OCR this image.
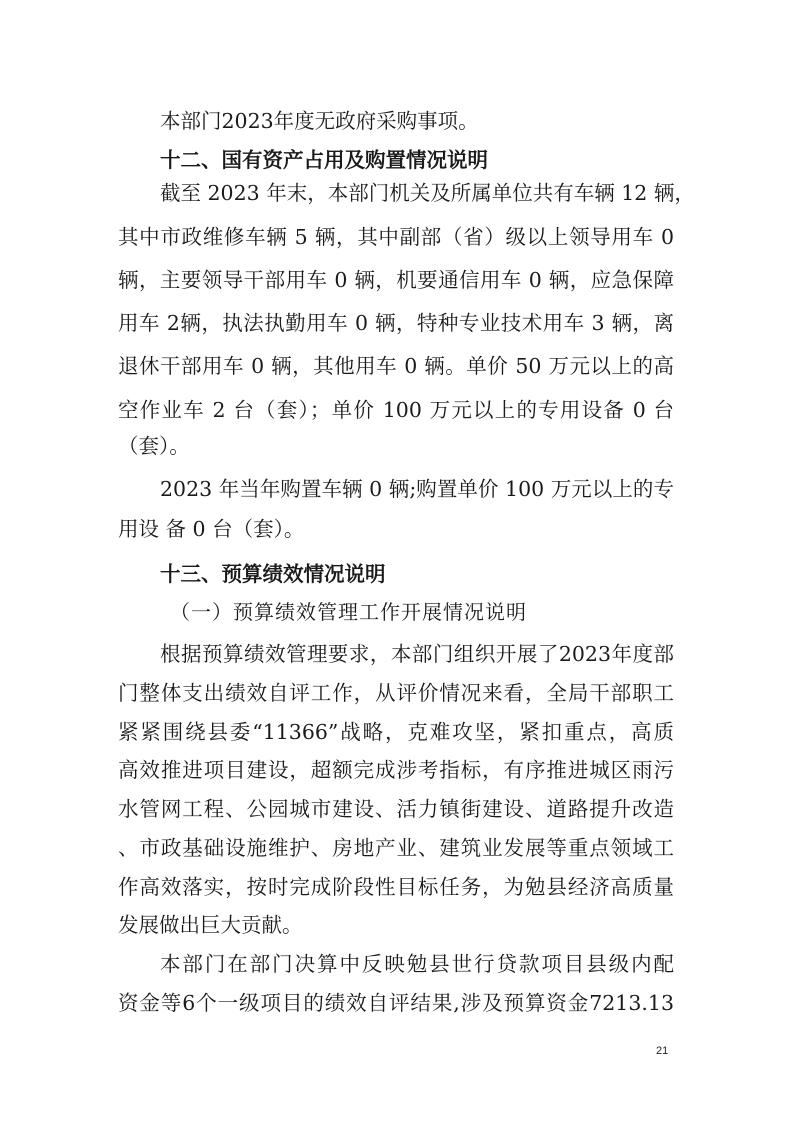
本部门2023年度无政府采购事项。

十二、国有资产占用及购置情况说明

截至 2023 年末，本部门机关及所属单位共有车辆 12 辆，

其中市政维修车辆 5 辆，其中副部（省）级以上领导用车 0

辆，主要领导干部用车 0 辆，机要通信用车 0 辆，应急保障

用车 2辆，执法执勤用车 0 辆，特种专业技术用车 3 辆，离

退休干部用车 0 辆，其他用车 0 辆。单价 50 万元以上的高

空作业车 2 台（套）；单价 100 万元以上的专用设备 0 台

（套）。

2023 年当年购置车辆 0 辆;购置单价 100 万元以上的专

用设 备 0 台（套）。

十三、预算绩效情况说明

（一）预算绩效管理工作开展情况说明

根据预算绩效管理要求，本部门组织开展了2023年度部

门整体支出绩效自评工作，从评价情况来看，全局干部职工

紧紧围绕县委“11366”战略，克难攻坚，紧扣重点，高质

高效推进项目建设，超额完成涉考指标，有序推进城区雨污

水管网工程、公园城市建设、活力镇街建设、道路提升改造

、市政基础设施维护、房地产业、建筑业发展等重点领域工

作高效落实，按时完成阶段性目标任务，为勉县经济高质量

发展做出巨大贡献。

本部门在部门决算中反映勉县世行贷款项目县级内配

资金等6个一级项目的绩效自评结果,涉及预算资金7213.13

21
